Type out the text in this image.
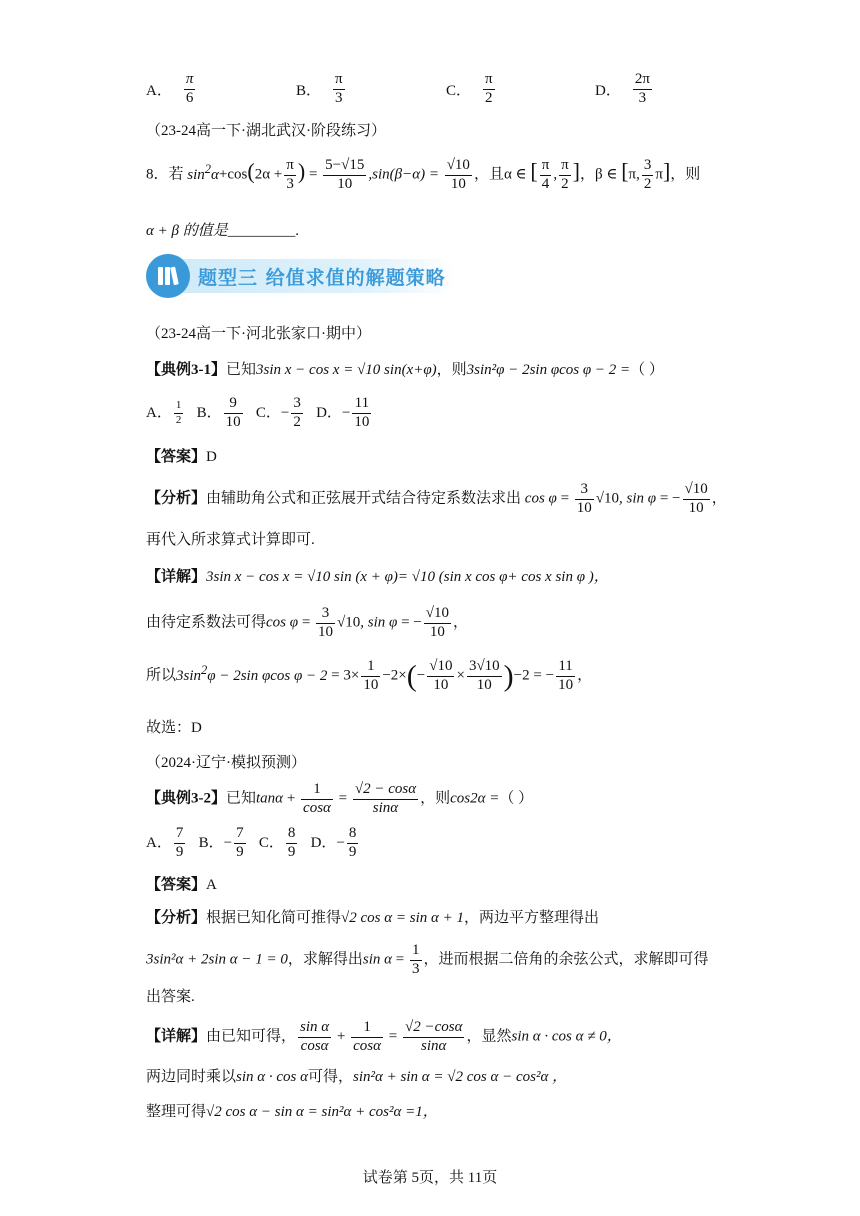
A． $\frac{\pi}{6}$	B． $\frac{\pi}{3}$	C． $\frac{\pi}{2}$	D． $\frac{2\pi}{3}$
（23-24高一下·湖北武汉·阶段练习）
8．若 $\sin^2\alpha+\cos(2\alpha + \frac{\pi}{3}$ ) = $\frac{5-√15}{10} ,\sin(\beta-\alpha) = \frac{√10}{10}$ ，且α ∈ [ $\frac{\pi}{4}$ , $\frac{\pi}{2}$ ]，β ∈ [π, $\frac{3}{2} \pi$]，则
α + β 的值是_________.
题型三 给值求值的解题策略
（23-24高一下·河北张家口·期中）
【典例3-1】已知3sin x − cos x = √10 sin(x+φ)，则3sin²φ − 2sin φcos φ − 2 =（ ）
A． $\frac{1}{2}$ B． $\frac{9}{10}$ C．− $\frac{3}{2}$ D．− $\frac{11}{10}$
【答案】D
【分析】由辅助角公式和正弦展开式结合待定系数法求出 $\cos \varphi = \frac{3}{10} √10$, sin φ = − $\frac{√10}{10}$ ，
再代入所求算式计算即可.
【详解】3sin x − cos x = √10 sin (x + φ)= √10 (sin x cos φ+ cos x sin φ )，
由待定系数法可得$\cos \varphi = \frac{3}{10} √10$, sin φ = − $\frac{√10}{10}$ ，
所以$3\sin^2\varphi - 2\sin$ φcos $\varphi - 2 = 3\times \frac{1}{10} -2\times(- \frac{√10}{10} \times \frac{3√10}{10} )-2$ = − $\frac{11}{10}$ ，
故选：D
（2024·辽宁·模拟预测）
【典例3-2】已知$\tan\alpha + \frac{1}{\cos\alpha} = \frac{√2 - \cos\alpha}{\sin\alpha}$ ，则cos2α =（ ）
A． $\frac{7}{9}$ B．− $\frac{7}{9}$ C． $\frac{8}{9}$ D．− $\frac{8}{9}$
【答案】A
【分析】根据已知化简可推得√2 cos α = sin α + 1，两边平方整理得出
3sin²α + 2sin α − 1 = 0，求解得出$\sin \alpha = \frac{1}{3}$ ，进而根据二倍角的余弦公式，求解即可得
出答案.
【详解】由已知可得， $\frac{\text{sin α}}{\cos\alpha} + \frac{1}{\cos\alpha} = \frac{√2 -\cos\alpha}{\sin\alpha}$ ，显然sin α · cos α ≠ 0，
两边同时乘以sin α · cos α可得，sin²α + sin α = √2 cos α − cos²α ，
整理可得√2 cos α − sin α = sin²α + cos²α =1，
试卷第 5页，共 11页
